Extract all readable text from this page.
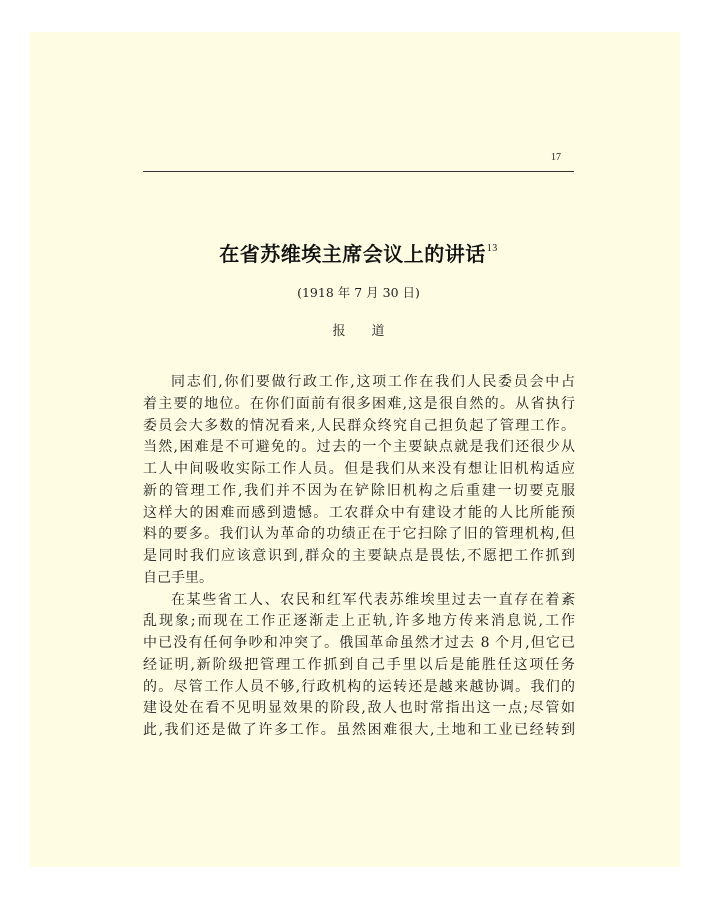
17
在省苏维埃主席会议上的讲话$^{13}$
(1918 年 7 月 30 日)
报道
同志们,你们要做行政工作,这项工作在我们人民委员会中占
着主要的地位。在你们面前有很多困难,这是很自然的。从省执行
委员会大多数的情况看来,人民群众终究自己担负起了管理工作。
当然,困难是不可避免的。过去的一个主要缺点就是我们还很少从
工人中间吸收实际工作人员。但是我们从来没有想让旧机构适应
新的管理工作,我们并不因为在铲除旧机构之后重建一切要克服
这样大的困难而感到遗憾。工农群众中有建设才能的人比所能预
料的要多。我们认为革命的功绩正在于它扫除了旧的管理机构,但
是同时我们应该意识到,群众的主要缺点是畏怯,不愿把工作抓到
自己手里。
在某些省工人、农民和红军代表苏维埃里过去一直存在着紊
乱现象;而现在工作正逐渐走上正轨,许多地方传来消息说,工作
中已没有任何争吵和冲突了。俄国革命虽然才过去 8 个月,但它已
经证明,新阶级把管理工作抓到自己手里以后是能胜任这项任务
的。尽管工作人员不够,行政机构的运转还是越来越协调。我们的
建设处在看不见明显效果的阶段,敌人也时常指出这一点;尽管如
此,我们还是做了许多工作。虽然困难很大,土地和工业已经转到
